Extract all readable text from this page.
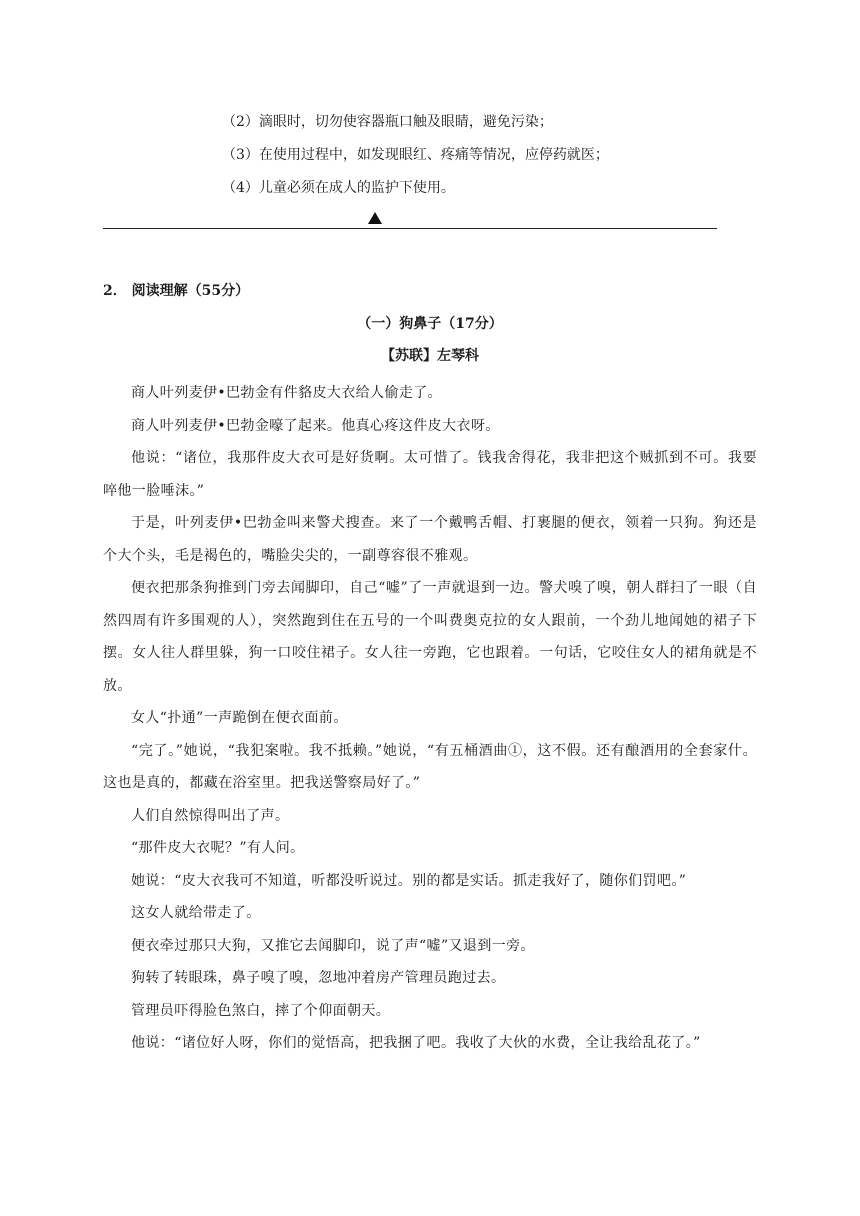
（2）滴眼时，切勿使容器瓶口触及眼睛，避免污染；
（3）在使用过程中，如发现眼红、疼痛等情况，应停药就医；
（4）儿童必须在成人的监护下使用。
2． 阅读理解（55分）
（一）狗鼻子（17分）
【苏联】左琴科

商人叶列麦伊•巴勃金有件貉皮大衣给人偷走了。

商人叶列麦伊•巴勃金嚎了起来。他真心疼这件皮大衣呀。

他说：“诸位，我那件皮大衣可是好货啊。太可惜了。钱我舍得花，我非把这个贼抓到不可。我要啐他一脸唾沫。”

于是，叶列麦伊•巴勃金叫来警犬搜查。来了一个戴鸭舌帽、打裹腿的便衣，领着一只狗。狗还是个大个头，毛是褐色的，嘴脸尖尖的，一副尊容很不雅观。

便衣把那条狗推到门旁去闻脚印，自己“嘘”了一声就退到一边。警犬嗅了嗅，朝人群扫了一眼（自然四周有许多围观的人），突然跑到住在五号的一个叫费奥克拉的女人跟前，一个劲儿地闻她的裙子下摆。女人往人群里躲，狗一口咬住裙子。女人往一旁跑，它也跟着。一句话，它咬住女人的裙角就是不放。

女人“扑通”一声跪倒在便衣面前。

“完了。”她说，“我犯案啦。我不抵赖。”她说，“有五桶酒曲①，这不假。还有酿酒用的全套家什。这也是真的，都藏在浴室里。把我送警察局好了。”

人们自然惊得叫出了声。

“那件皮大衣呢？”有人问。

她说：“皮大衣我可不知道，听都没听说过。别的都是实话。抓走我好了，随你们罚吧。”

这女人就给带走了。

便衣牵过那只大狗，又推它去闻脚印，说了声“嘘”又退到一旁。

狗转了转眼珠，鼻子嗅了嗅，忽地冲着房产管理员跑过去。

管理员吓得脸色煞白，摔了个仰面朝天。

他说：“诸位好人呀，你们的觉悟高，把我捆了吧。我收了大伙的水费，全让我给乱花了。”
